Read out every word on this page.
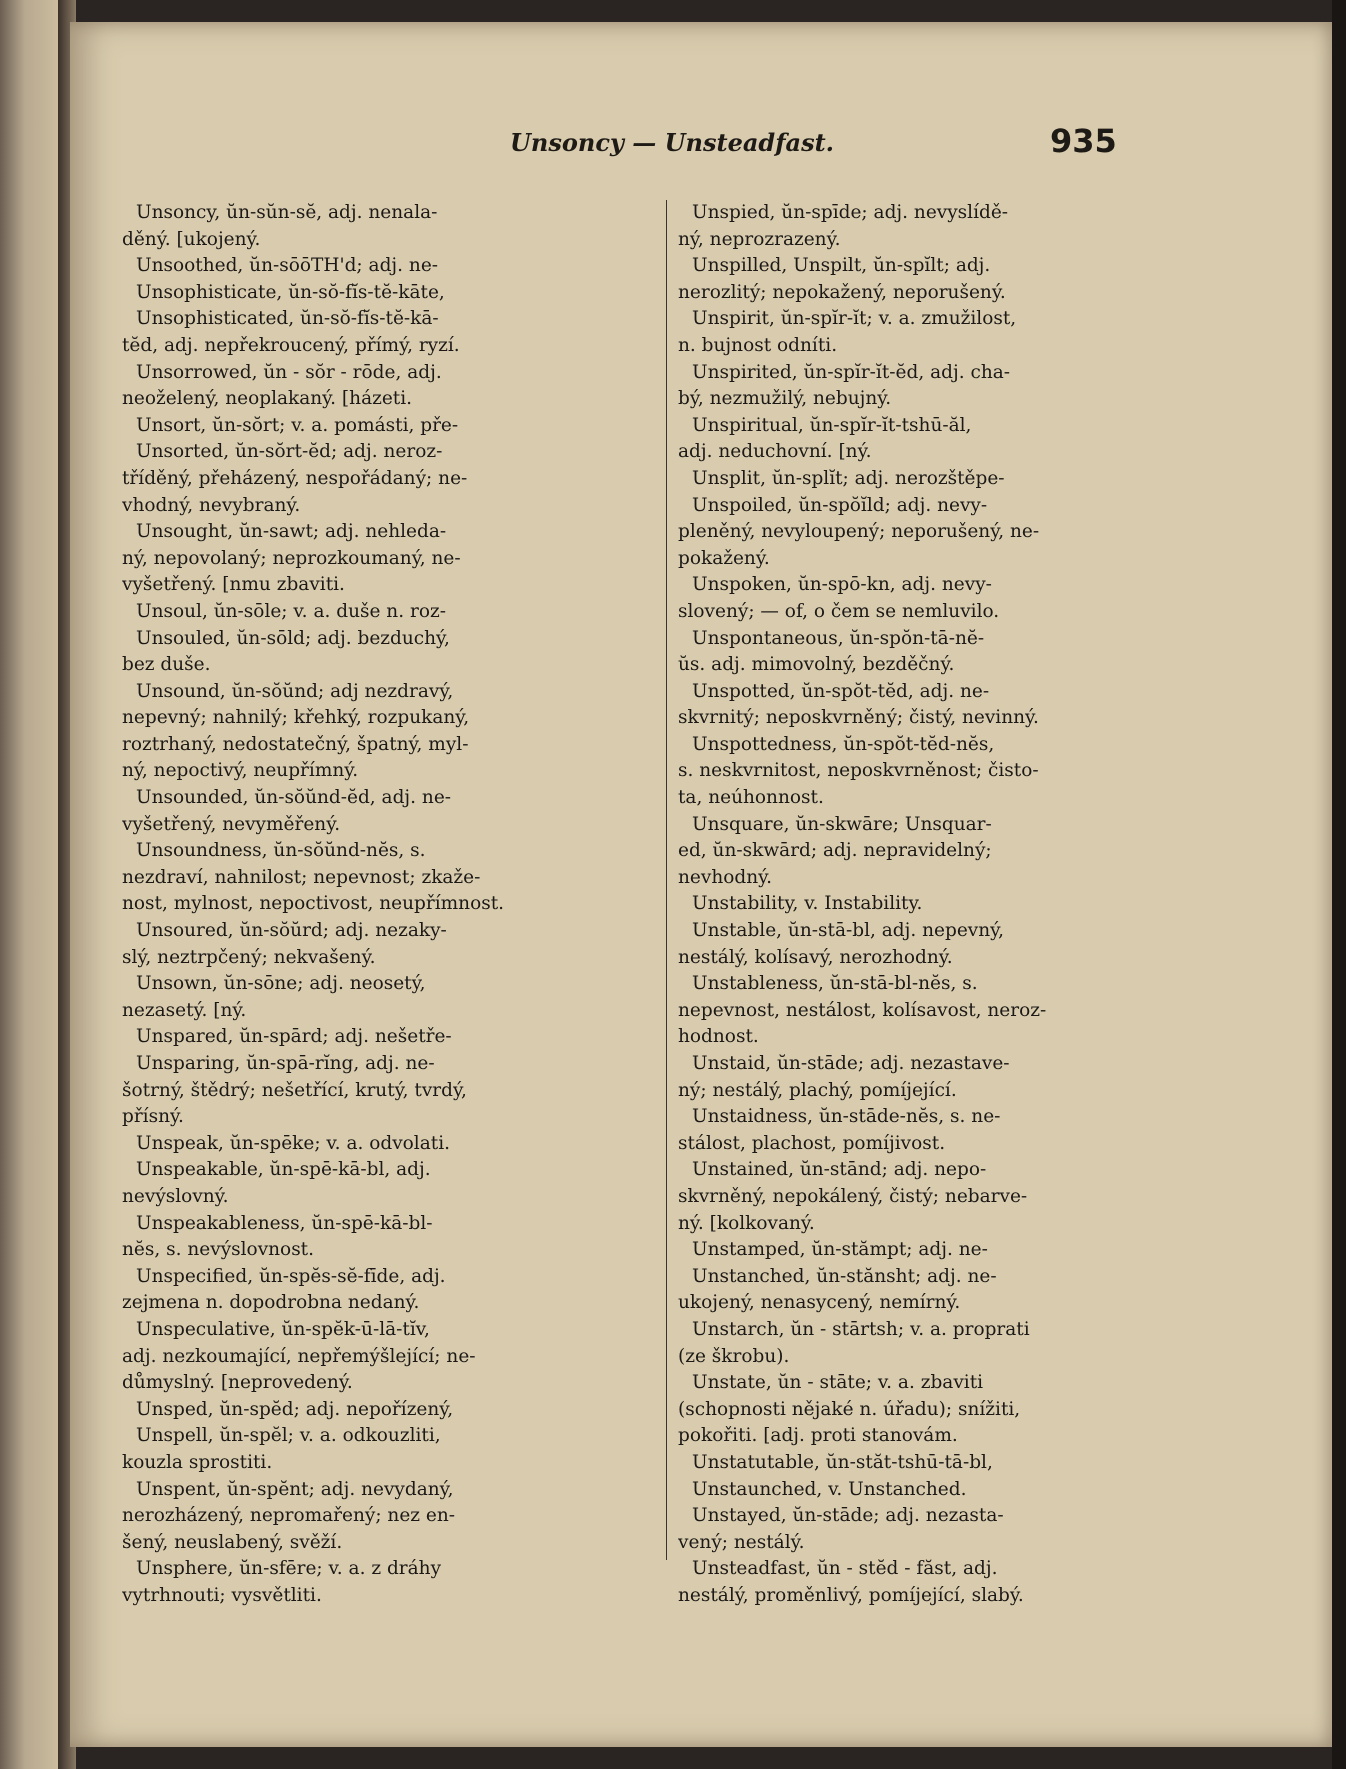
Unsoncy — Unsteadfast.	935
Unsoncy, ŭn-sŭn-sĕ, adj. nenala-
děný. [ukojený.
Unsoothed, ŭn-sōōTH'd; adj. ne-
Unsophisticate, ŭn-sŏ-fĭs-tĕ-kāte,
Unsophisticated, ŭn-sŏ-fĭs-tĕ-kā-
tĕd, adj. nepřekroucený, přímý, ryzí.
Unsorrowed, ŭn - sŏr - rōde, adj.
neoželený, neoplakaný. [házeti.
Unsort, ŭn-sŏrt; v. a. pomásti, pře-
Unsorted, ŭn-sŏrt-ĕd; adj. neroz-
tříděný, přeházený, nespořádaný; ne-
vhodný, nevybraný.
Unsought, ŭn-sawt; adj. nehleda-
ný, nepovolaný; neprozkoumaný, ne-
vyšetřený. [nmu zbaviti.
Unsoul, ŭn-sōle; v. a. duše n. roz-
Unsouled, ŭn-sōld; adj. bezduchý,
bez duše.
Unsound, ŭn-sŏŭnd; adj nezdravý,
nepevný; nahnilý; křehký, rozpukaný,
roztrhaný, nedostatečný, špatný, myl-
ný, nepoctivý, neupřímný.
Unsounded, ŭn-sŏŭnd-ĕd, adj. ne-
vyšetřený, nevyměřený.
Unsoundness, ŭn-sŏŭnd-nĕs, s.
nezdraví, nahnilost; nepevnost; zkaže-
nost, mylnost, nepoctivost, neupřímnost.
Unsoured, ŭn-sŏŭrd; adj. nezaky-
slý, neztrpčený; nekvašený.
Unsown, ŭn-sōne; adj. neosetý,
nezasetý. [ný.
Unspared, ŭn-spārd; adj. nešetře-
Unsparing, ŭn-spā-rĭng, adj. ne-
šotrný, štědrý; nešetřící, krutý, tvrdý,
přísný.
Unspeak, ŭn-spēke; v. a. odvolati.
Unspeakable, ŭn-spē-kā-bl, adj.
nevýslovný.
Unspeakableness, ŭn-spē-kā-bl-
nĕs, s. nevýslovnost.
Unspecified, ŭn-spĕs-sĕ-fīde, adj.
zejmena n. dopodrobna nedaný.
Unspeculative, ŭn-spĕk-ū-lā-tĭv,
adj. nezkoumající, nepřemýšlející; ne-
důmyslný. [neprovedený.
Unsped, ŭn-spĕd; adj. nepořízený,
Unspell, ŭn-spĕl; v. a. odkouzliti,
kouzla sprostiti.
Unspent, ŭn-spĕnt; adj. nevydaný,
nerozházený, nepromařený; nez en-
šený, neuslabený, svěží.
Unsphere, ŭn-sfēre; v. a. z dráhy
vytrhnouti; vysvětliti.
Unspied, ŭn-spīde; adj. nevyslídě-
ný, neprozrazený.
Unspilled, Unspilt, ŭn-spĭlt; adj.
nerozlitý; nepokažený, neporušený.
Unspirit, ŭn-spĭr-ĭt; v. a. zmužilost,
n. bujnost odníti.
Unspirited, ŭn-spĭr-ĭt-ĕd, adj. cha-
bý, nezmužilý, nebujný.
Unspiritual, ŭn-spĭr-ĭt-tshū-ăl,
adj. neduchovní. [ný.
Unsplit, ŭn-splĭt; adj. nerozštěpe-
Unspoiled, ŭn-spŏĭld; adj. nevy-
pleněný, nevyloupený; neporušený, ne-
pokažený.
Unspoken, ŭn-spō-kn, adj. nevy-
slovený; — of, o čem se nemluvilo.
Unspontaneous, ŭn-spŏn-tā-nĕ-
ŭs. adj. mimovolný, bezděčný.
Unspotted, ŭn-spŏt-tĕd, adj. ne-
skvrnitý; neposkvrněný; čistý, nevinný.
Unspottedness, ŭn-spŏt-tĕd-nĕs,
s. neskvrnitost, neposkvrněnost; čisto-
ta, neúhonnost.
Unsquare, ŭn-skwāre; Unsquar-
ed, ŭn-skwārd; adj. nepravidelný;
nevhodný.
Unstability, v. Instability.
Unstable, ŭn-stā-bl, adj. nepevný,
nestálý, kolísavý, nerozhodný.
Unstableness, ŭn-stā-bl-nĕs, s.
nepevnost, nestálost, kolísavost, neroz-
hodnost.
Unstaid, ŭn-stāde; adj. nezastave-
ný; nestálý, plachý, pomíjející.
Unstaidness, ŭn-stāde-nĕs, s. ne-
stálost, plachost, pomíjivost.
Unstained, ŭn-stānd; adj. nepo-
skvrněný, nepokálený, čistý; nebarve-
ný. [kolkovaný.
Unstamped, ŭn-stămpt; adj. ne-
Unstanched, ŭn-stănsht; adj. ne-
ukojený, nenasycený, nemírný.
Unstarch, ŭn - stārtsh; v. a. proprati
(ze škrobu).
Unstate, ŭn - stāte; v. a. zbaviti
(schopnosti nějaké n. úřadu); snížiti,
pokořiti. [adj. proti stanovám.
Unstatutable, ŭn-stăt-tshū-tā-bl,
Unstaunched, v. Unstanched.
Unstayed, ŭn-stāde; adj. nezasta-
vený; nestálý.
Unsteadfast, ŭn - stĕd - făst, adj.
nestálý, proměnlivý, pomíjející, slabý.
